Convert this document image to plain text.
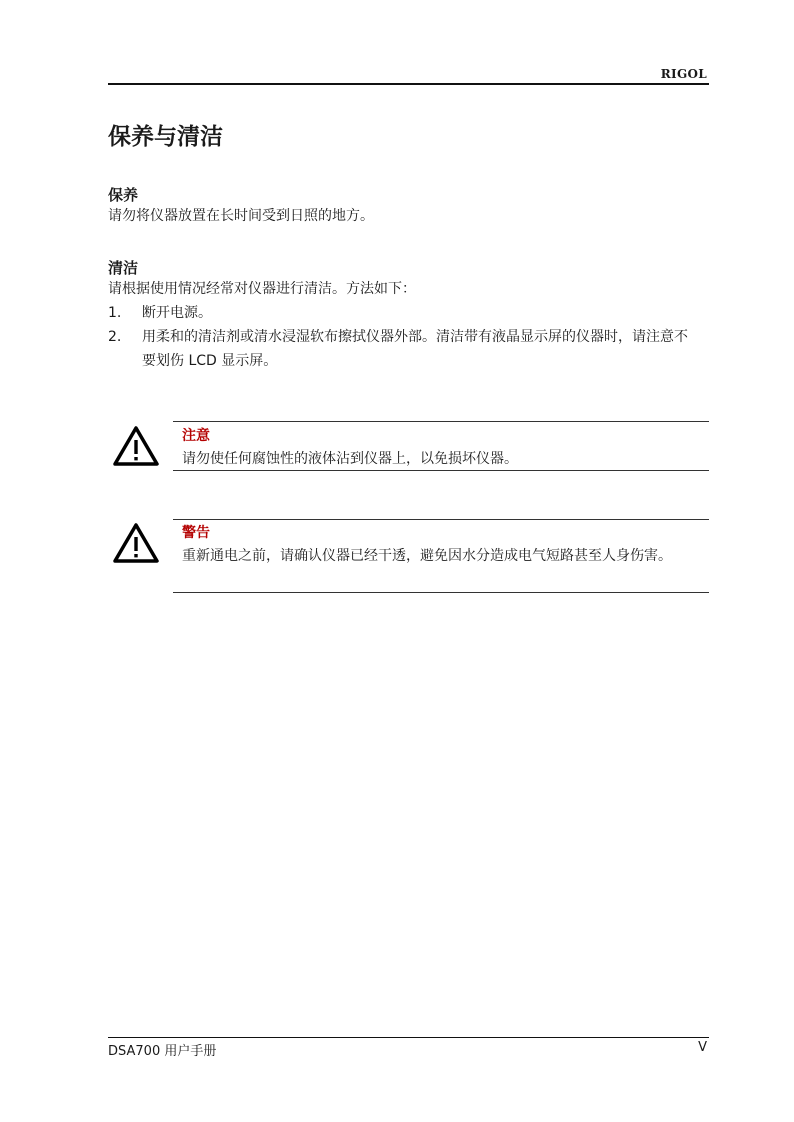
RIGOL
保养与清洁
保养
请勿将仪器放置在长时间受到日照的地方。
清洁
请根据使用情况经常对仪器进行清洁。方法如下：
1. 断开电源。
2. 用柔和的清洁剂或清水浸湿软布擦拭仪器外部。清洁带有液晶显示屏的仪器时，请注意不要划伤 LCD 显示屏。
注意
请勿使任何腐蚀性的液体沾到仪器上，以免损坏仪器。
警告
重新通电之前，请确认仪器已经干透，避免因水分造成电气短路甚至人身伤害。
DSA700 用户手册	V
